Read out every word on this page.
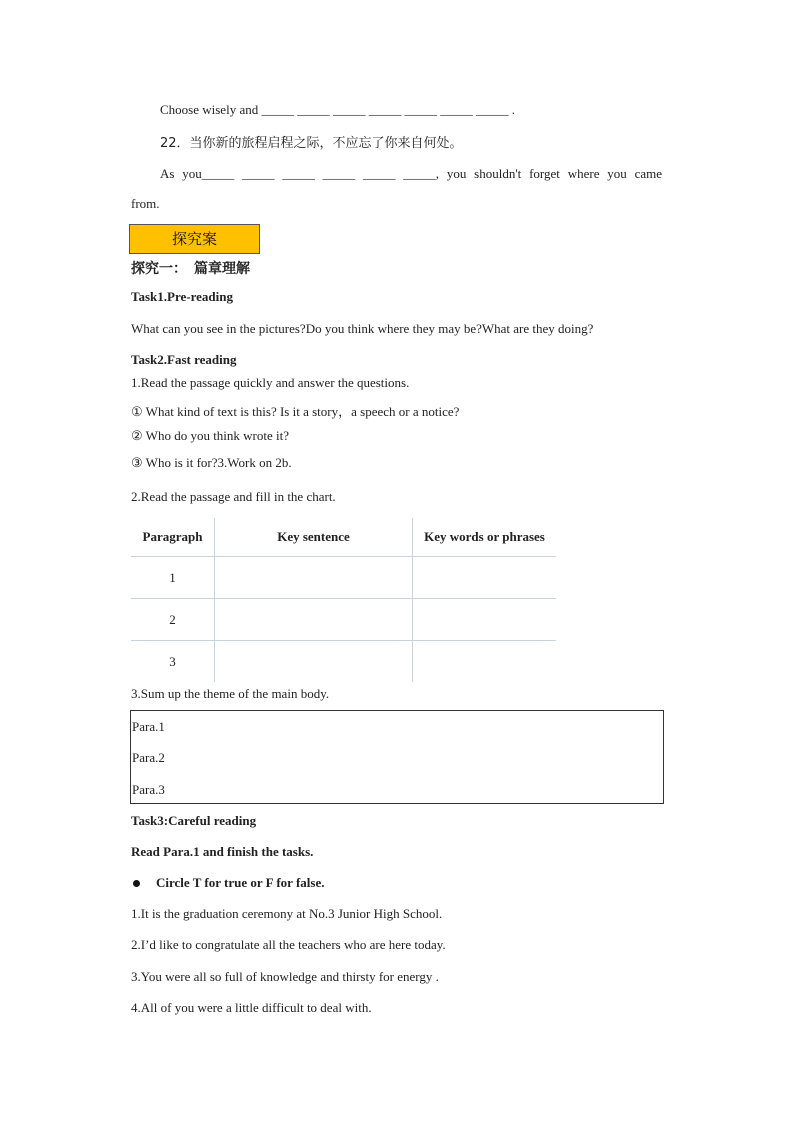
Choose wisely and _____ _____ _____ _____ _____ _____ _____ .
22．当你新的旅程启程之际，不应忘了你来自何处。
As you_____ _____ _____ _____ _____ _____, you shouldn't forget where you came
from.
探究案
探究一：　篇章理解
Task1.Pre-reading
What can you see in the pictures?Do you think where they may be?What are they doing?
Task2.Fast reading
1.Read the passage quickly and answer the questions.
① What kind of text is this? Is it a story，a speech or a notice?
② Who do you think wrote it?
③ Who is it for?3.Work on 2b.
2.Read the passage and fill in the chart.
Paragraph	Key sentence	Key words or phrases
1		
2		
3		
3.Sum up the theme of the main body.
Para.1
Para.2
Para.3
Task3:Careful reading
Read Para.1 and finish the tasks.
Circle T for true or F for false.
1.It is the graduation ceremony at No.3 Junior High School.
2.I’d like to congratulate all the teachers who are here today.
3.You were all so full of knowledge and thirsty for energy .
4.All of you were a little difficult to deal with.
